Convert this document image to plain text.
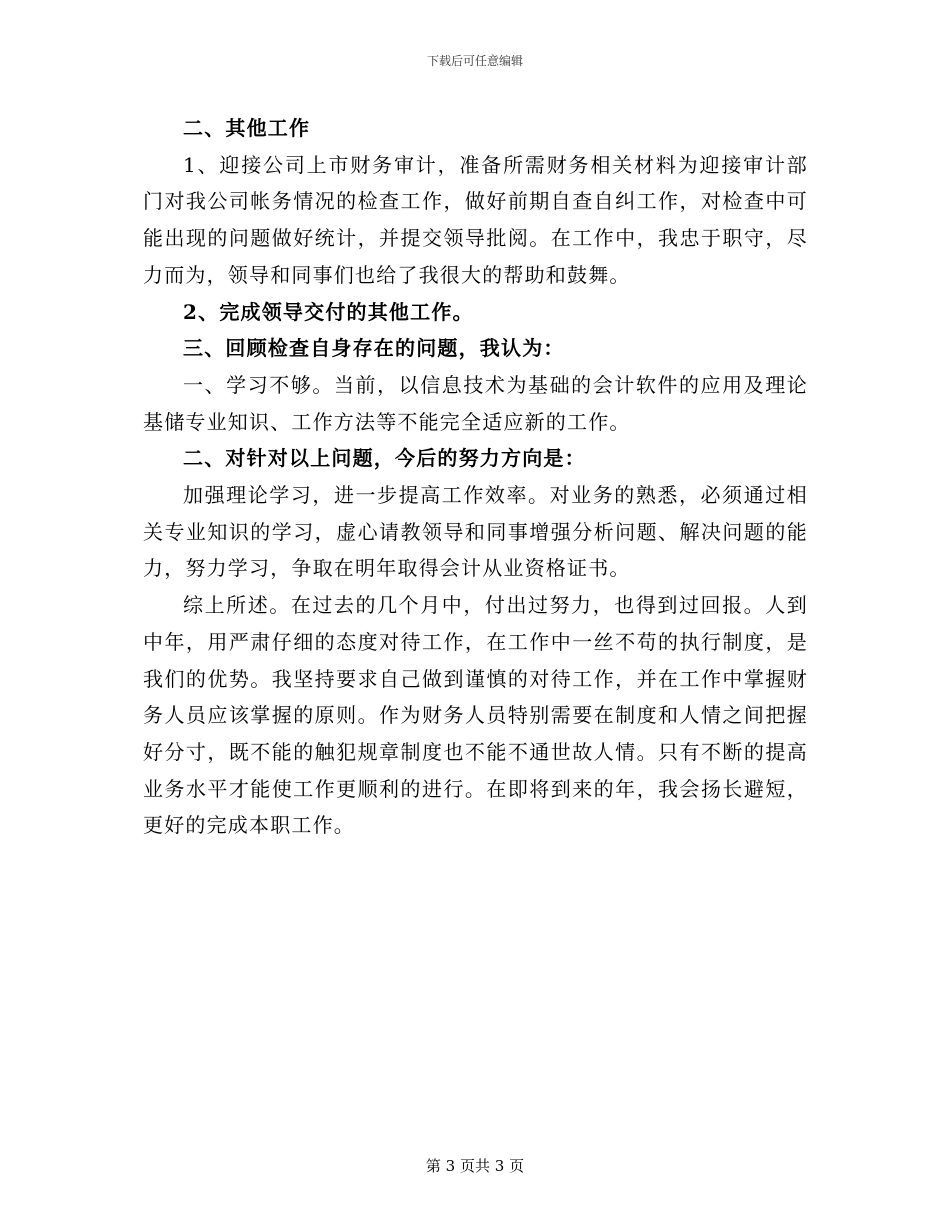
下载后可任意编辑

二、其他工作

1、迎接公司上市财务审计，准备所需财务相关材料为迎接审计部门对我公司帐务情况的检查工作，做好前期自查自纠工作，对检查中可能出现的问题做好统计，并提交领导批阅。在工作中，我忠于职守，尽力而为，领导和同事们也给了我很大的帮助和鼓舞。

2、完成领导交付的其他工作。

三、回顾检查自身存在的问题，我认为：

一、学习不够。当前，以信息技术为基础的会计软件的应用及理论基储专业知识、工作方法等不能完全适应新的工作。

二、对针对以上问题，今后的努力方向是：

加强理论学习，进一步提高工作效率。对业务的熟悉，必须通过相关专业知识的学习，虚心请教领导和同事增强分析问题、解决问题的能力，努力学习，争取在明年取得会计从业资格证书。

综上所述。在过去的几个月中，付出过努力，也得到过回报。人到中年，用严肃仔细的态度对待工作，在工作中一丝不苟的执行制度，是我们的优势。我坚持要求自己做到谨慎的对待工作，并在工作中掌握财务人员应该掌握的原则。作为财务人员特别需要在制度和人情之间把握好分寸，既不能的触犯规章制度也不能不通世故人情。只有不断的提高业务水平才能使工作更顺利的进行。在即将到来的年，我会扬长避短，更好的完成本职工作。

第 3 页共 3 页
